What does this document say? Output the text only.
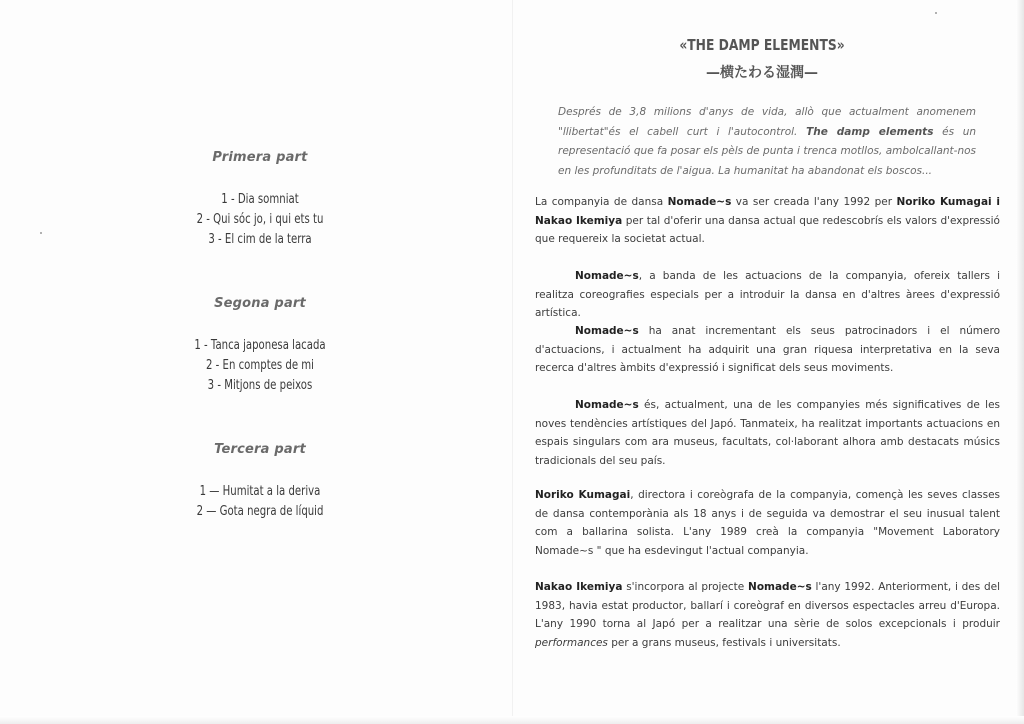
Primera part

1 - Dia somniat
2 - Qui sóc jo, i qui ets tu
3 - El cim de la terra

Segona part

1 - Tanca japonesa lacada
2 - En comptes de mi
3 - Mitjons de peixos

Tercera part

1 — Humitat a la deriva
2 — Gota negra de líquid
«THE DAMP ELEMENTS»
—横たわる湿潤—
Després de 3,8 milions d'anys de vida, allò que actualment anomenem "llibertat"és el cabell curt i l'autocontrol. The damp elements és un representació que fa posar els pèls de punta i trenca motllos, ambolcallant-nos en les profunditats de l'aigua. La humanitat ha abandonat els boscos...
La companyia de dansa Nomade~s va ser creada l'any 1992 per Noriko Kumagai i Nakao Ikemiya per tal d'oferir una dansa actual que redescobrís els valors d'expressió que requereix la societat actual.
Nomade~s, a banda de les actuacions de la companyia, ofereix tallers i realitza coreografies especials per a introduir la dansa en d'altres àrees d'expressió artística.
Nomade~s ha anat incrementant els seus patrocinadors i el número d'actuacions, i actualment ha adquirit una gran riquesa interpretativa en la seva recerca d'altres àmbits d'expressió i significat dels seus moviments.
Nomade~s és, actualment, una de les companyies més significatives de les noves tendències artístiques del Japó. Tanmateix, ha realitzat importants actuacions en espais singulars com ara museus, facultats, col·laborant alhora amb destacats músics tradicionals del seu país.
Noriko Kumagai, directora i coreògrafa de la companyia, començà les seves classes de dansa contemporània als 18 anys i de seguida va demostrar el seu inusual talent com a ballarina solista. L'any 1989 creà la companyia "Movement Laboratory Nomade~s " que ha esdevingut l'actual companyia.
Nakao Ikemiya s'incorpora al projecte Nomade~s l'any 1992. Anteriorment, i des del 1983, havia estat productor, ballarí i coreògraf en diversos espectacles arreu d'Europa. L'any 1990 torna al Japó per a realitzar una sèrie de solos excepcionals i produir performances per a grans museus, festivals i universitats.
